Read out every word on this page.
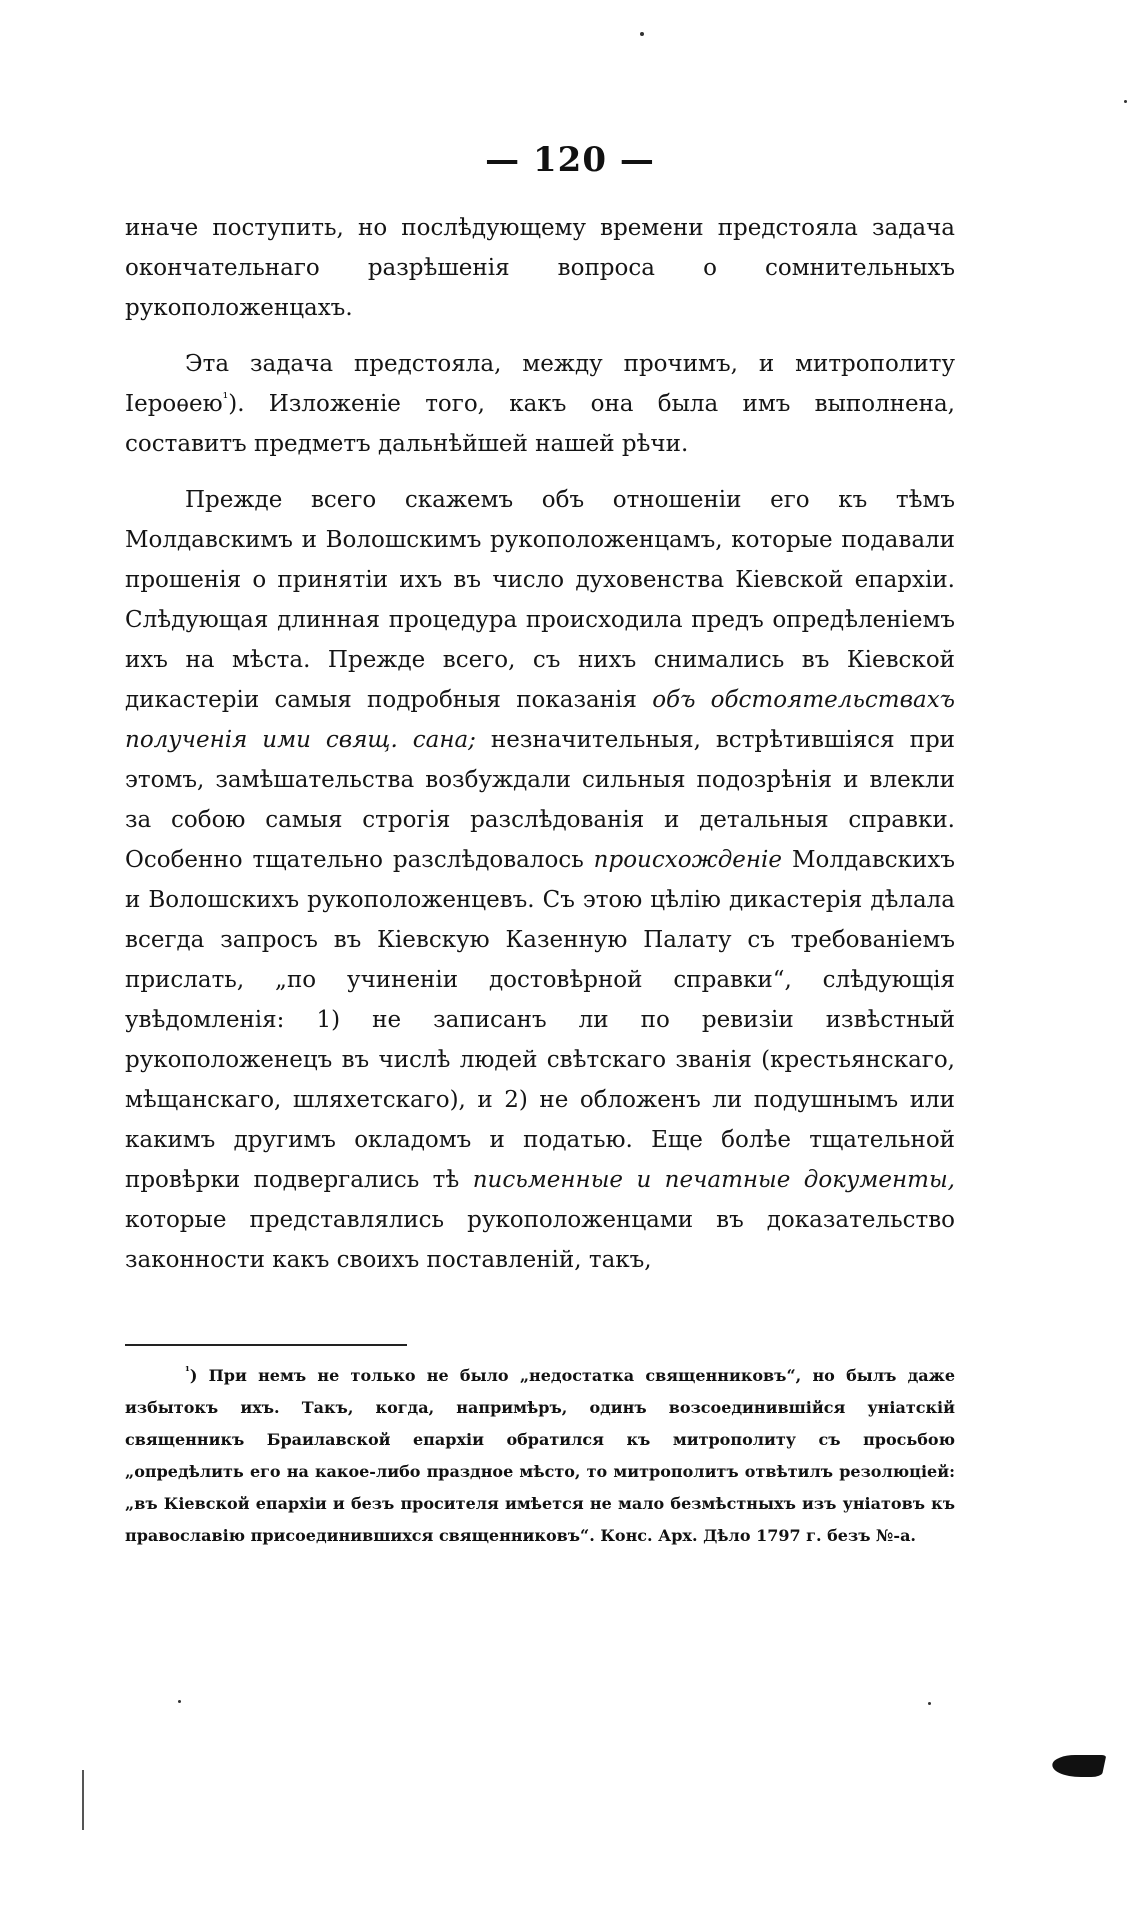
— 120 —

иначе поступить, но послѣдующему времени предстояла задача окончательнаго разрѣшенія вопроса о сомнительныхъ рукоположенцахъ.

Эта задача предстояла, между прочимъ, и митрополиту Іероѳею$^{^1}$). Изложеніе того, какъ она была имъ выполнена, составитъ предметъ дальнѣйшей нашей рѣчи.

Прежде всего скажемъ объ отношеніи его къ тѣмъ Молдавскимъ и Волошскимъ рукоположенцамъ, которые подавали прошенія о принятіи ихъ въ число духовенства Кіевской епархіи. Слѣдующая длинная процедура происходила предъ опредѣленіемъ ихъ на мѣста. Прежде всего, съ нихъ снимались въ Кіевской дикастеріи самыя подробныя показанія объ обстоятельствахъ полученія ими свящ. сана; незначительныя, встрѣтившіяся при этомъ, замѣшательства возбуждали сильныя подозрѣнія и влекли за собою самыя строгія разслѣдованія и детальныя справки. Особенно тщательно разслѣдовалось происхожденіе Молдавскихъ и Волошскихъ рукоположенцевъ. Съ этою цѣлію дикастерія дѣлала всегда запросъ въ Кіевскую Казенную Палату съ требованіемъ прислать, „по учиненіи достовѣрной справки“, слѣдующія увѣдомленія: 1) не записанъ ли по ревизіи извѣстный рукоположенецъ въ числѣ людей свѣтскаго званія (крестьянскаго, мѣщанскаго, шляхетскаго), и 2) не обложенъ ли подушнымъ или какимъ другимъ окладомъ и податью. Еще болѣе тщательной провѣрки подвергались тѣ письменные и печатные документы, которые представлялись рукоположенцами въ доказательство законности какъ своихъ поставленій, такъ,

$^{^1}$) При немъ не только не было „недостатка священниковъ“, но былъ даже избытокъ ихъ. Такъ, когда, напримѣръ, одинъ возсоединившійся уніатскій священникъ Браилавской епархіи обратился къ митрополиту съ просьбою „опредѣлить его на какое-либо праздное мѣсто, то митрополитъ отвѣтилъ резолюціей: „въ Кіевской епархіи и безъ просителя имѣется не мало безмѣстныхъ изъ уніатовъ къ православію присоединившихся священниковъ“. Конс. Арх. Дѣло 1797 г. безъ №-а.
